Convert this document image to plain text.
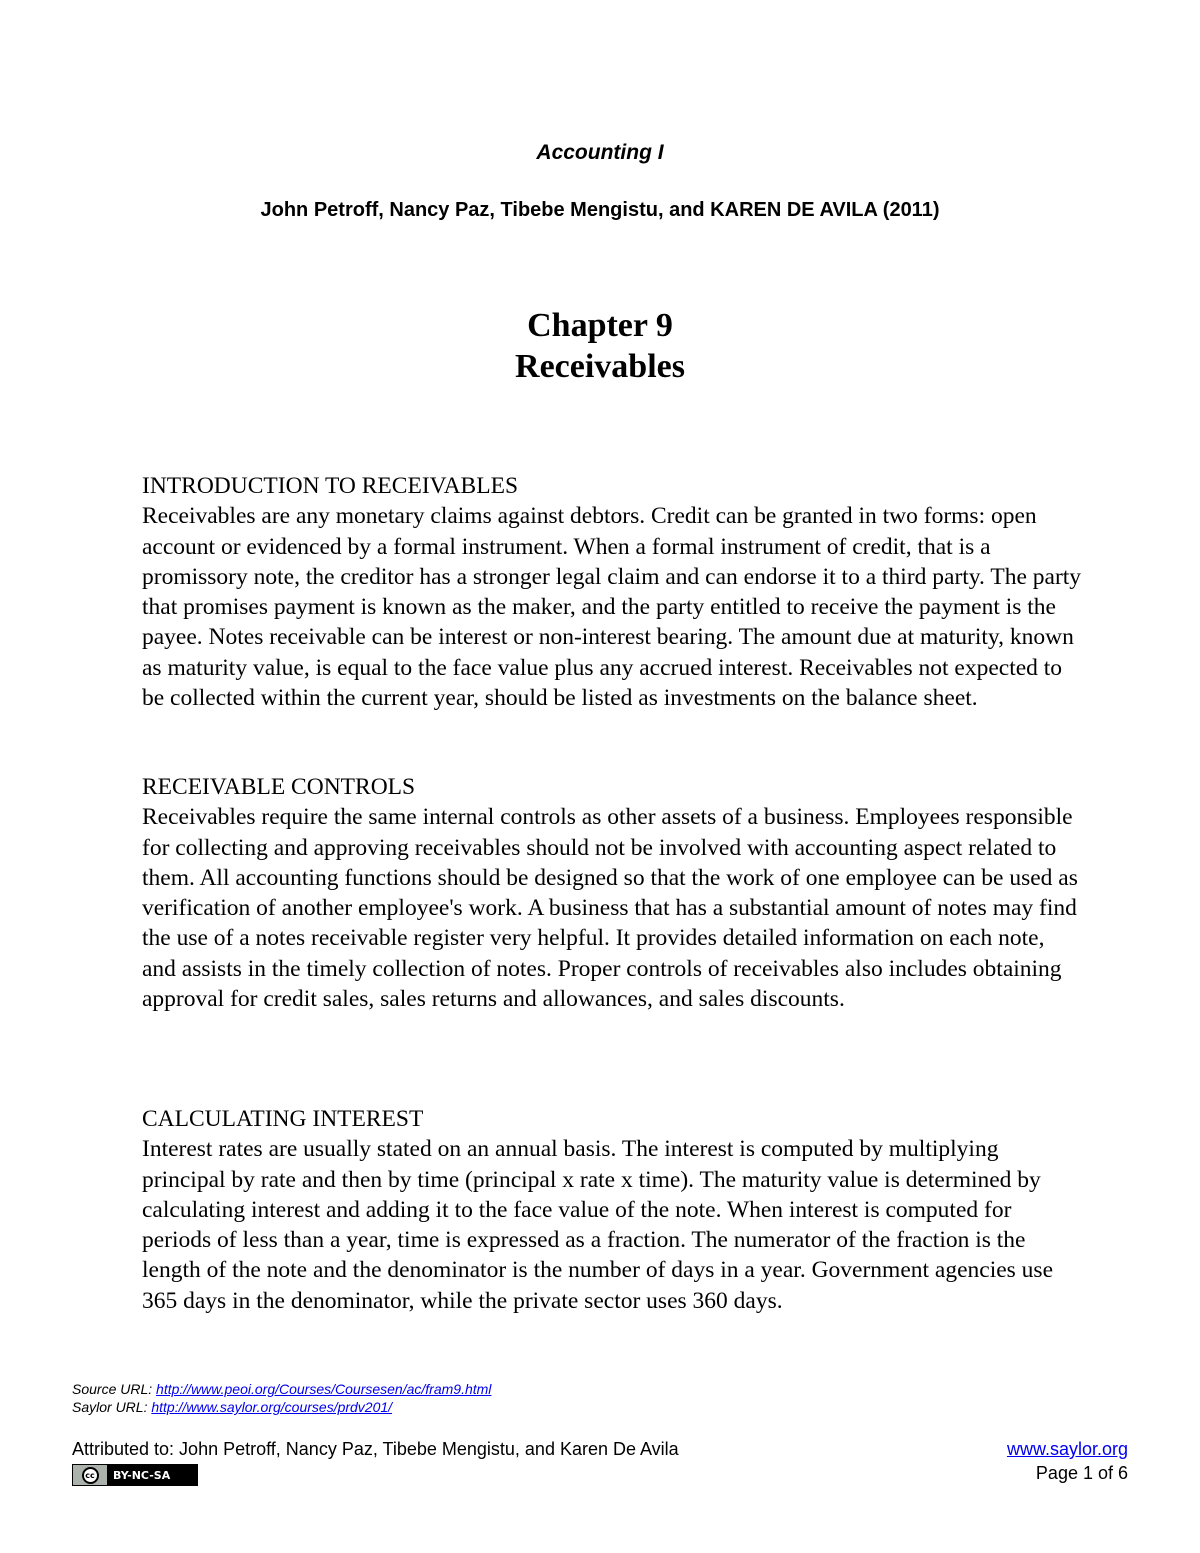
Accounting I
John Petroff, Nancy Paz, Tibebe Mengistu, and KAREN DE AVILA (2011)
Chapter 9
Receivables

INTRODUCTION TO RECEIVABLES

Receivables are any monetary claims against debtors. Credit can be granted in two forms: open account or evidenced by a formal instrument. When a formal instrument of credit, that is a promissory note, the creditor has a stronger legal claim and can endorse it to a third party. The party that promises payment is known as the maker, and the party entitled to receive the payment is the payee. Notes receivable can be interest or non-interest bearing. The amount due at maturity, known as maturity value, is equal to the face value plus any accrued interest. Receivables not expected to be collected within the current year, should be listed as investments on the balance sheet.

RECEIVABLE CONTROLS

Receivables require the same internal controls as other assets of a business. Employees responsible for collecting and approving receivables should not be involved with accounting aspect related to them. All accounting functions should be designed so that the work of one employee can be used as verification of another employee's work. A business that has a substantial amount of notes may find the use of a notes receivable register very helpful. It provides detailed information on each note, and assists in the timely collection of notes. Proper controls of receivables also includes obtaining approval for credit sales, sales returns and allowances, and sales discounts.

CALCULATING INTEREST

Interest rates are usually stated on an annual basis. The interest is computed by multiplying principal by rate and then by time (principal x rate x time). The maturity value is determined by calculating interest and adding it to the face value of the note. When interest is computed for periods of less than a year, time is expressed as a fraction. The numerator of the fraction is the length of the note and the denominator is the number of days in a year. Government agencies use 365 days in the denominator, while the private sector uses 360 days.

Source URL: http://www.peoi.org/Courses/Coursesen/ac/fram9.html
Saylor URL: http://www.saylor.org/courses/prdv201/
Attributed to: John Petroff, Nancy Paz, Tibebe Mengistu, and Karen De Avila	www.saylor.org
Page 1 of 6
cc	BY-NC-SA
